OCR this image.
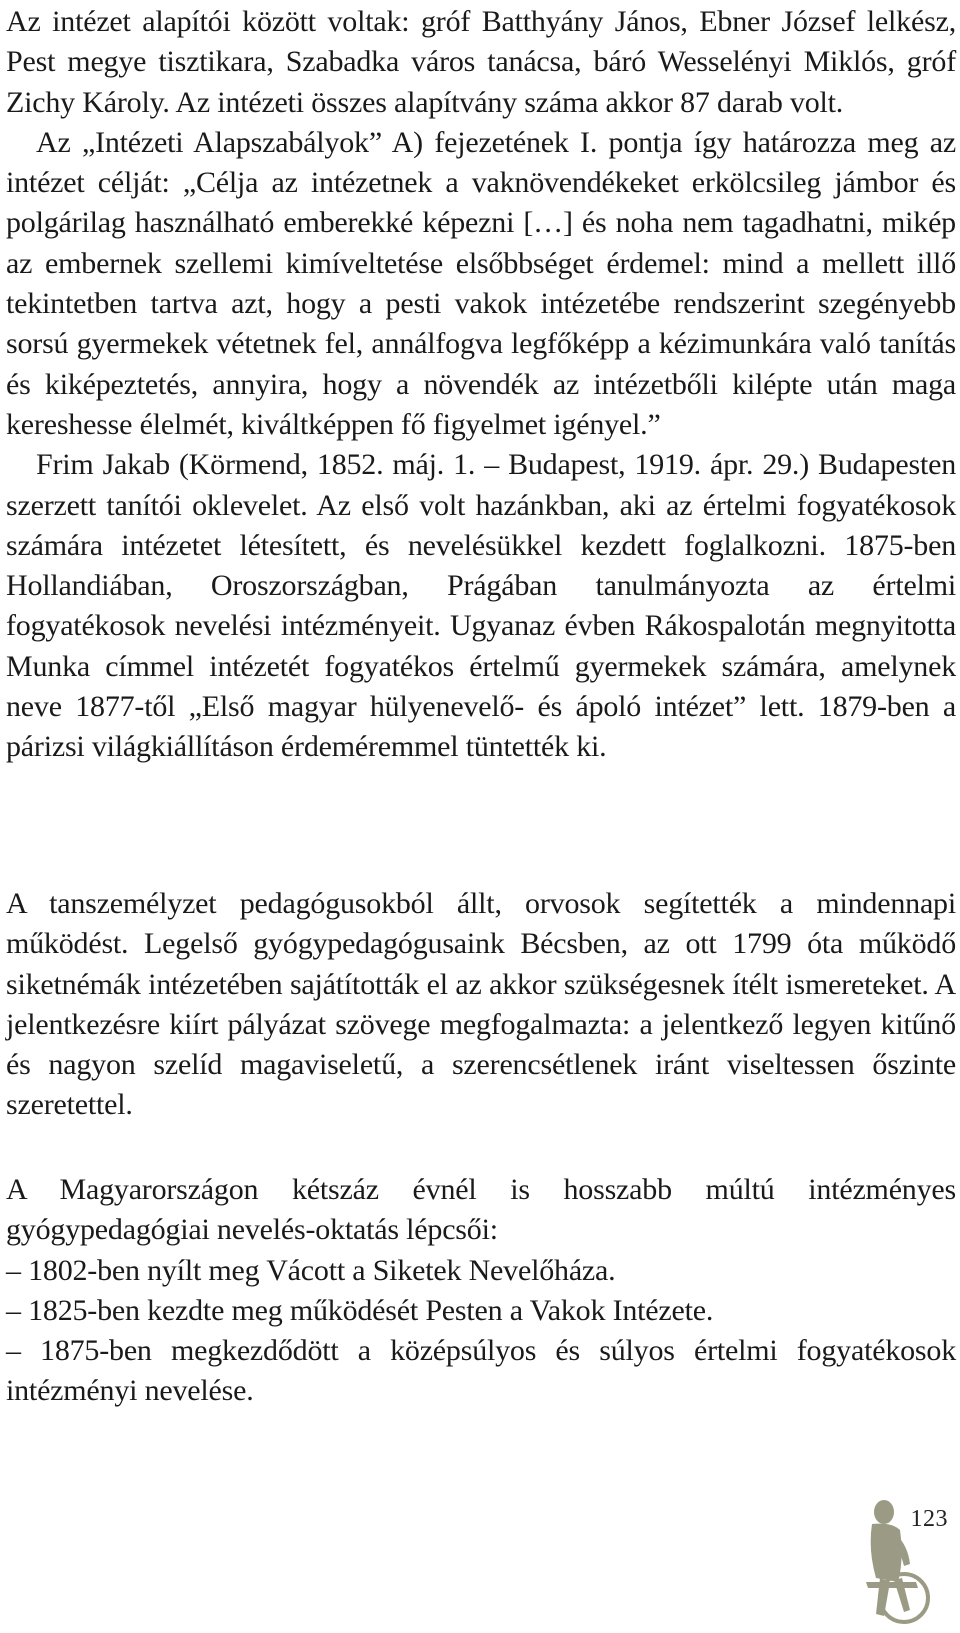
Az intézet alapítói között voltak: gróf Batthyány János, Ebner József lelkész, Pest megye tisztikara, Szabadka város tanácsa, báró Wesselényi Miklós, gróf Zichy Károly. Az intézeti összes alapítvány száma akkor 87 darab volt.

Az „Intézeti Alapszabályok” A) fejezetének I. pontja így határozza meg az intézet célját: „Célja az intézetnek a vaknövendékeket erkölcsileg jámbor és polgárilag használható emberekké képezni […] és noha nem tagadhatni, mikép az embernek szellemi kimíveltetése elsőbbséget érdemel: mind a mellett illő tekintetben tartva azt, hogy a pesti vakok intézetébe rendszerint szegényebb sorsú gyermekek vétetnek fel, annálfogva legfőképp a kézimunkára való tanítás és kiképeztetés, annyira, hogy a növendék az intézetbőli kilépte után maga kereshesse élelmét, kiváltképpen fő figyelmet igényel.”

Frim Jakab (Körmend, 1852. máj. 1. – Budapest, 1919. ápr. 29.) Budapesten szerzett tanítói oklevelet. Az első volt hazánkban, aki az értelmi fogyatékosok számára intézetet létesített, és nevelésükkel kezdett foglalkozni. 1875-ben Hollandiában, Oroszországban, Prágában tanulmányozta az értelmi fogyatékosok nevelési intézményeit. Ugyanaz évben Rákospalotán megnyitotta Munka címmel intézetét fogyatékos értelmű gyermekek számára, amelynek neve 1877-től „Első magyar hülyenevelő- és ápoló intézet” lett. 1879-ben a párizsi világkiállításon érdeméremmel tüntették ki.

A tanszemélyzet pedagógusokból állt, orvosok segítették a mindennapi működést. Legelső gyógypedagógusaink Bécsben, az ott 1799 óta működő siketnémák intézetében sajátították el az akkor szükségesnek ítélt ismereteket. A jelentkezésre kiírt pályázat szövege megfogalmazta: a jelentkező legyen kitűnő és nagyon szelíd magaviseletű, a szerencsétlenek iránt viseltessen őszinte szeretettel.

A Magyarországon kétszáz évnél is hosszabb múltú intézményes gyógypedagógiai nevelés-oktatás lépcsői:

– 1802-ben nyílt meg Vácott a Siketek Nevelőháza.

– 1825-ben kezdte meg működését Pesten a Vakok Intézete.

– 1875-ben megkezdődött a középsúlyos és súlyos értelmi fogyatékosok intézményi nevelése.

123
